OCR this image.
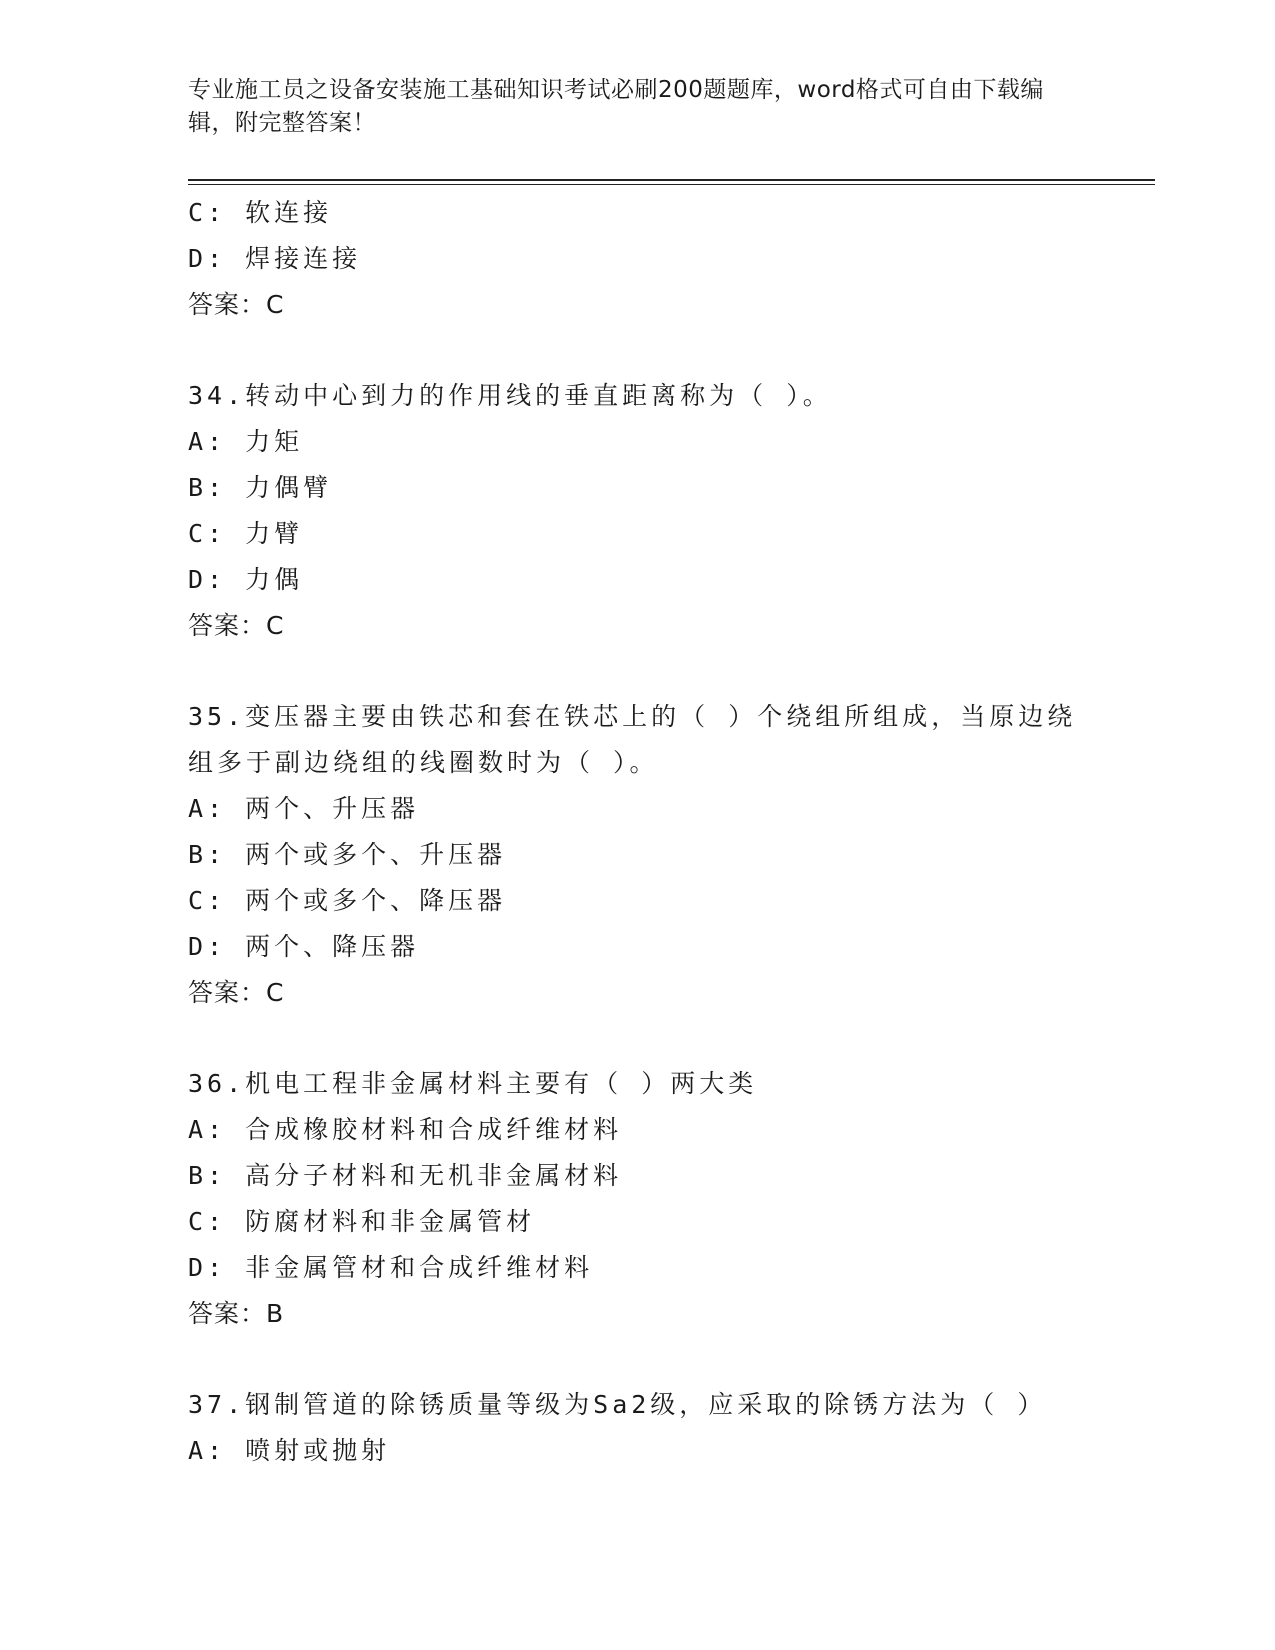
专业施工员之设备安装施工基础知识考试必刷200题题库，word格式可自由下载编辑，附完整答案！
C: 软连接
D: 焊接连接
答案：C
34.转动中心到力的作用线的垂直距离称为（ ）。
A: 力矩
B: 力偶臂
C: 力臂
D: 力偶
答案：C
35.变压器主要由铁芯和套在铁芯上的（ ）个绕组所组成，当原边绕组多于副边绕组的线圈数时为（ ）。
A: 两个、升压器
B: 两个或多个、升压器
C: 两个或多个、降压器
D: 两个、降压器
答案：C
36.机电工程非金属材料主要有（ ）两大类
A: 合成橡胶材料和合成纤维材料
B: 高分子材料和无机非金属材料
C: 防腐材料和非金属管材
D: 非金属管材和合成纤维材料
答案：B
37.钢制管道的除锈质量等级为Sa2级，应采取的除锈方法为（ ）
A: 喷射或抛射
